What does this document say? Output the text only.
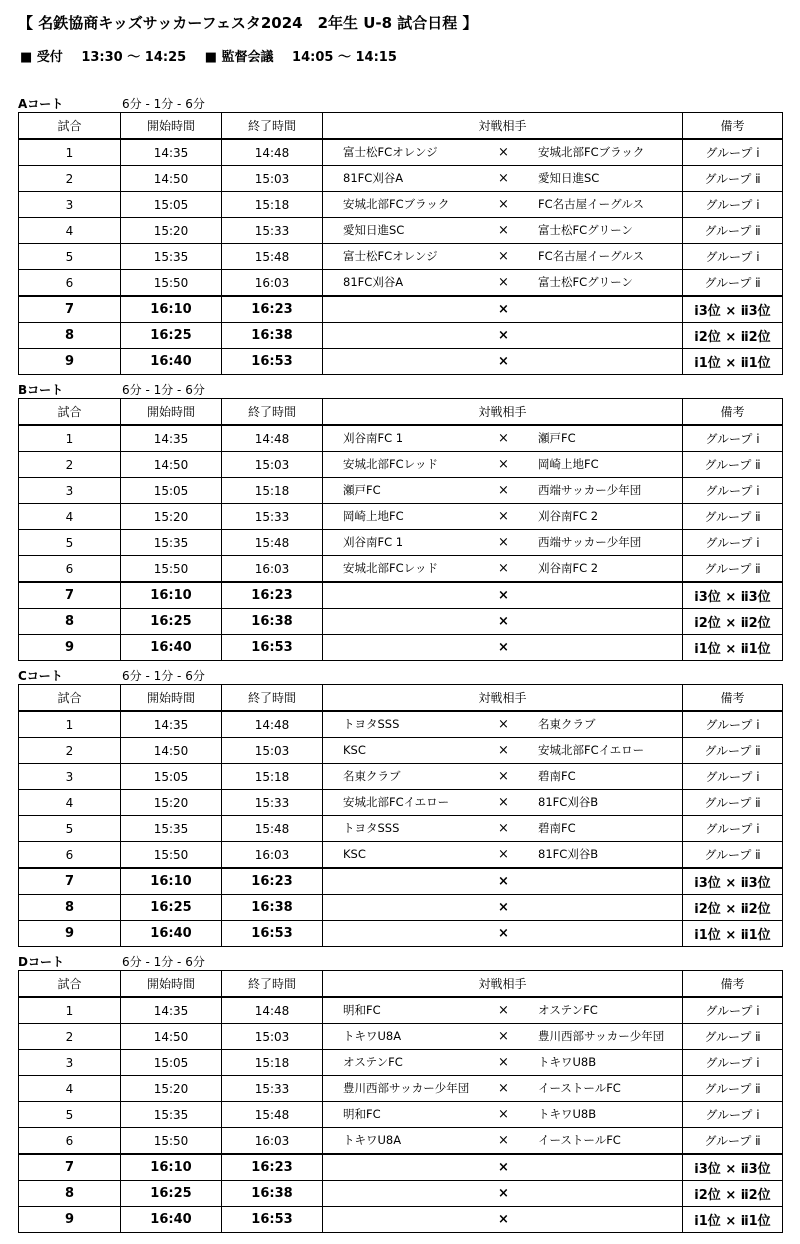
【 名鉄協商キッズサッカーフェスタ2024　2年生 U-8 試合日程 】
■ 受付 13:30 ～ 14:25 ■ 監督会議 14:05 ～ 14:15
Aコート	6分 - 1分 - 6分
試合	開始時間	終了時間	対戦相手	備考
1	14:35	14:48	富士松FCオレンジ × 安城北部FCブラック	グループ ⅰ
2	14:50	15:03	81FC刈谷A × 愛知日進SC	グループ ⅱ
3	15:05	15:18	安城北部FCブラック × FC名古屋イーグルス	グループ ⅰ
4	15:20	15:33	愛知日進SC × 富士松FCグリーン	グループ ⅱ
5	15:35	15:48	富士松FCオレンジ × FC名古屋イーグルス	グループ ⅰ
6	15:50	16:03	81FC刈谷A × 富士松FCグリーン	グループ ⅱ
7	16:10	16:23	×	ⅰ3位 × ⅱ3位
8	16:25	16:38	×	ⅰ2位 × ⅱ2位
9	16:40	16:53	×	ⅰ1位 × ⅱ1位
Bコート	6分 - 1分 - 6分
試合	開始時間	終了時間	対戦相手	備考
1	14:35	14:48	刈谷南FC 1 × 瀬戸FC	グループ ⅰ
2	14:50	15:03	安城北部FCレッド × 岡崎上地FC	グループ ⅱ
3	15:05	15:18	瀬戸FC × 西端サッカー少年団	グループ ⅰ
4	15:20	15:33	岡崎上地FC × 刈谷南FC 2	グループ ⅱ
5	15:35	15:48	刈谷南FC 1 × 西端サッカー少年団	グループ ⅰ
6	15:50	16:03	安城北部FCレッド × 刈谷南FC 2	グループ ⅱ
7	16:10	16:23	×	ⅰ3位 × ⅱ3位
8	16:25	16:38	×	ⅰ2位 × ⅱ2位
9	16:40	16:53	×	ⅰ1位 × ⅱ1位
Cコート	6分 - 1分 - 6分
試合	開始時間	終了時間	対戦相手	備考
1	14:35	14:48	トヨタSSS × 名東クラブ	グループ ⅰ
2	14:50	15:03	KSC × 安城北部FCイエロー	グループ ⅱ
3	15:05	15:18	名東クラブ × 碧南FC	グループ ⅰ
4	15:20	15:33	安城北部FCイエロー × 81FC刈谷B	グループ ⅱ
5	15:35	15:48	トヨタSSS × 碧南FC	グループ ⅰ
6	15:50	16:03	KSC × 81FC刈谷B	グループ ⅱ
7	16:10	16:23	×	ⅰ3位 × ⅱ3位
8	16:25	16:38	×	ⅰ2位 × ⅱ2位
9	16:40	16:53	×	ⅰ1位 × ⅱ1位
Dコート	6分 - 1分 - 6分
試合	開始時間	終了時間	対戦相手	備考
1	14:35	14:48	明和FC × オステンFC	グループ ⅰ
2	14:50	15:03	トキワU8A × 豊川西部サッカー少年団	グループ ⅱ
3	15:05	15:18	オステンFC × トキワU8B	グループ ⅰ
4	15:20	15:33	豊川西部サッカー少年団 × イーストールFC	グループ ⅱ
5	15:35	15:48	明和FC × トキワU8B	グループ ⅰ
6	15:50	16:03	トキワU8A × イーストールFC	グループ ⅱ
7	16:10	16:23	×	ⅰ3位 × ⅱ3位
8	16:25	16:38	×	ⅰ2位 × ⅱ2位
9	16:40	16:53	×	ⅰ1位 × ⅱ1位
